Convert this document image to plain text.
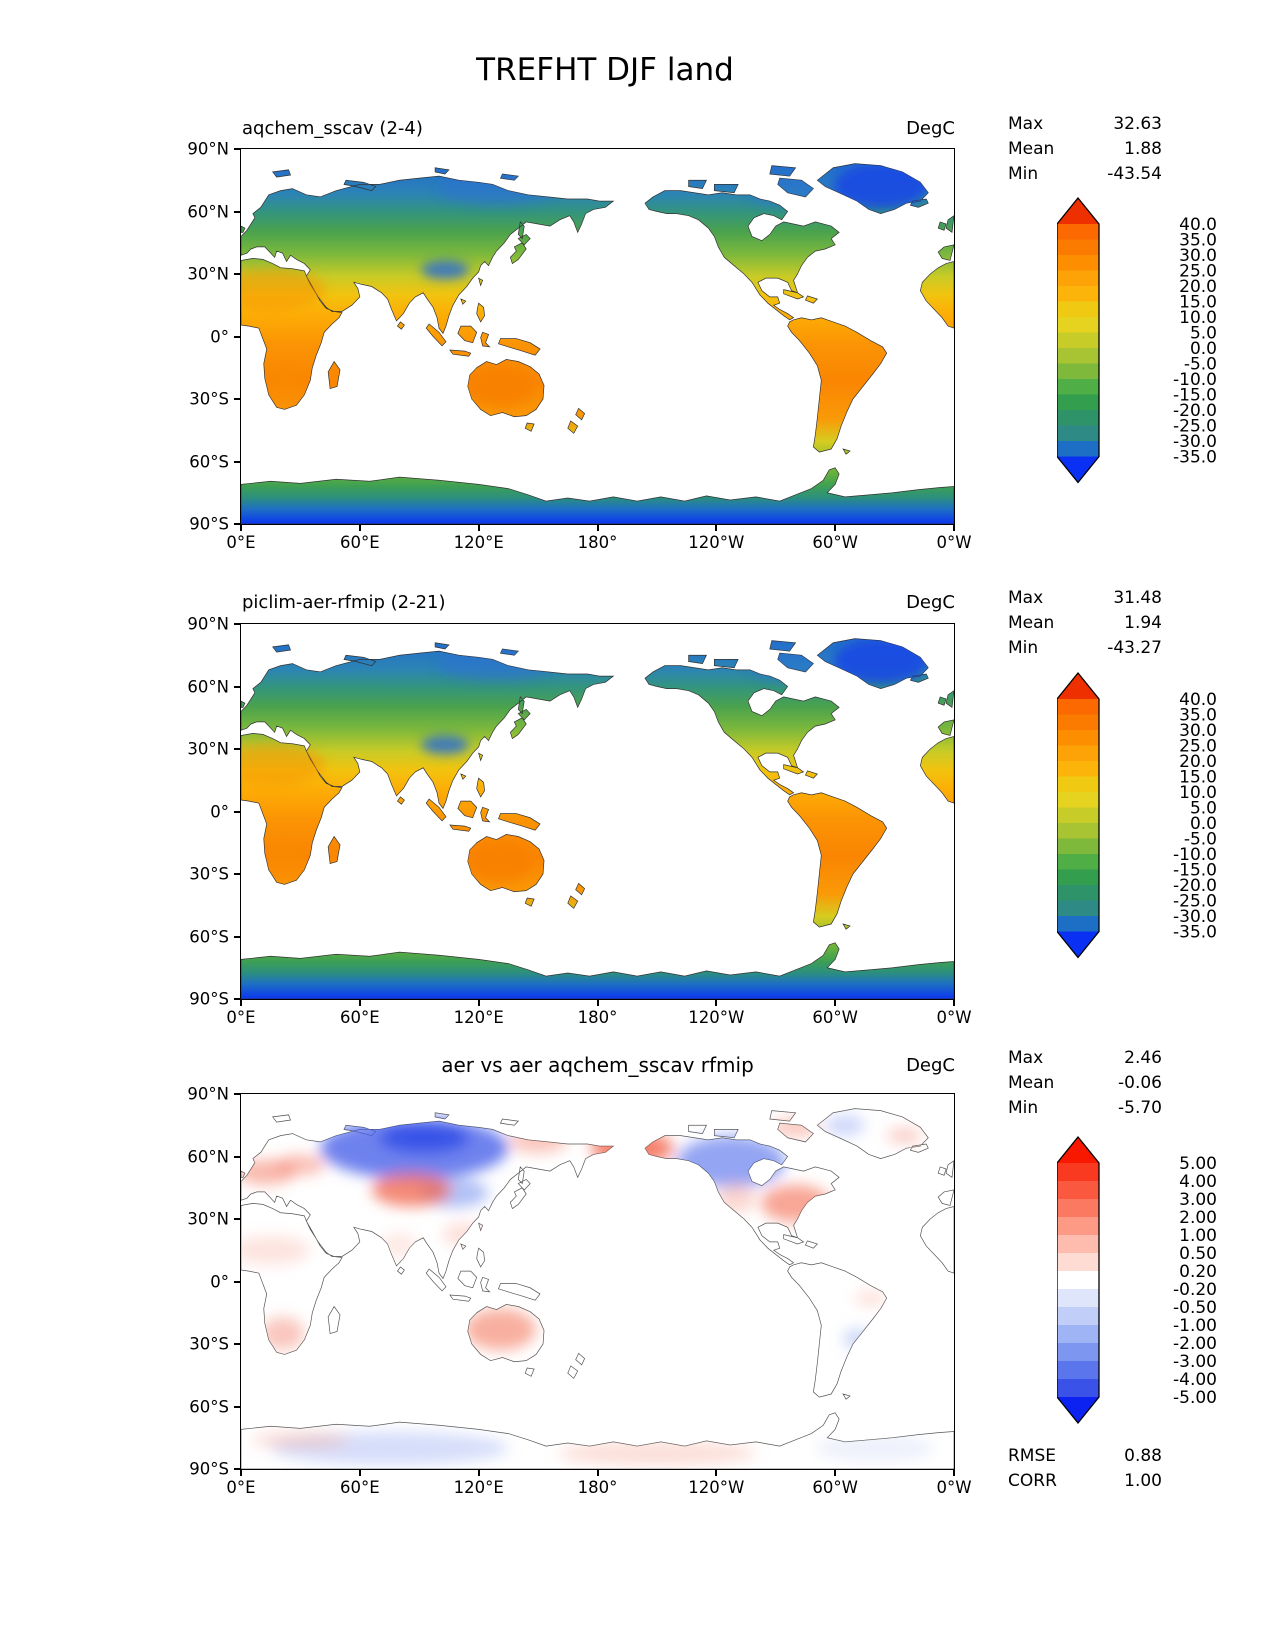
TREFHT DJF land
aqchem_sscav (2-4)	DegC	Max	32.63
Mean	1.88
Min	-43.54
90°N
60°N
30°N
0°
30°S
60°S
90°S
0°E	60°E	120°E	180°	120°W	60°W	0°W
40.0
35.0
30.0
25.0
20.0
15.0
10.0
5.0
0.0
-5.0
-10.0
-15.0
-20.0
-25.0
-30.0
-35.0
piclim-aer-rfmip (2-21)	DegC	Max	31.48
Mean	1.94
Min	-43.27
90°N
60°N
30°N
0°
30°S
60°S
90°S
0°E	60°E	120°E	180°	120°W	60°W	0°W
40.0
35.0
30.0
25.0
20.0
15.0
10.0
5.0
0.0
-5.0
-10.0
-15.0
-20.0
-25.0
-30.0
-35.0
aer vs aer aqchem_sscav rfmip	DegC	Max	2.46
Mean	-0.06
Min	-5.70
90°N
60°N
30°N
0°
30°S
60°S
90°S
0°E	60°E	120°E	180°	120°W	60°W	0°W
5.00
4.00
3.00
2.00
1.00
0.50
0.20
-0.20
-0.50
-1.00
-2.00
-3.00
-4.00
-5.00
RMSE	0.88
CORR	1.00
